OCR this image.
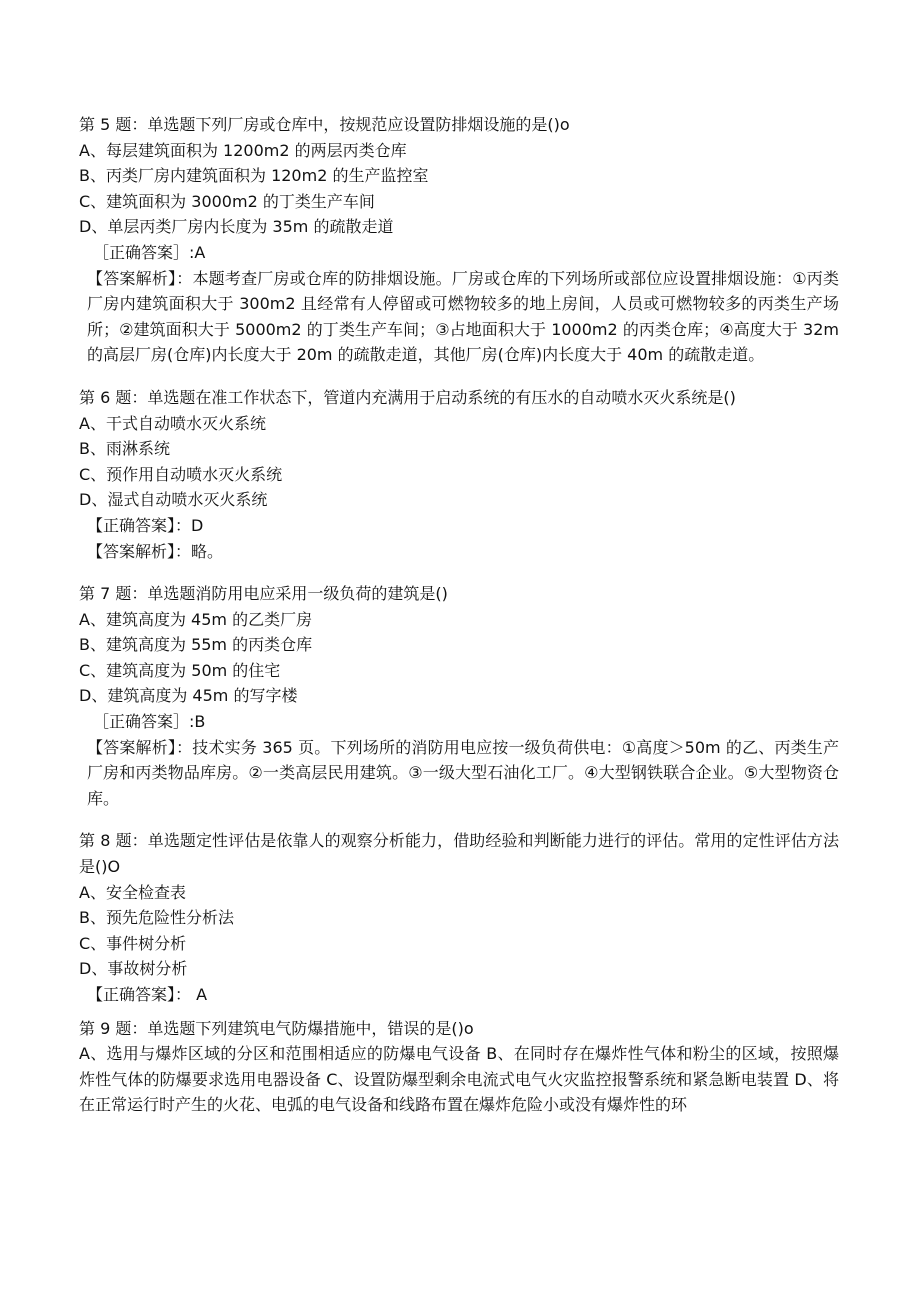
第 5 题：单选题下列厂房或仓库中，按规范应设置防排烟设施的是()o
A、每层建筑面积为 1200m2 的两层丙类仓库
B、丙类厂房内建筑面积为 120m2 的生产监控室
C、建筑面积为 3000m2 的丁类生产车间
D、单层丙类厂房内长度为 35m 的疏散走道
［正确答案］:A
【答案解析】：本题考查厂房或仓库的防排烟设施。厂房或仓库的下列场所或部位应设置排烟设施：①丙类厂房内建筑面积大于 300m2 且经常有人停留或可燃物较多的地上房间，人员或可燃物较多的丙类生产场所；②建筑面积大于 5000m2 的丁类生产车间；③占地面积大于 1000m2 的丙类仓库；④高度大于 32m 的高层厂房(仓库)内长度大于 20m 的疏散走道，其他厂房(仓库)内长度大于 40m 的疏散走道。
第 6 题：单选题在准工作状态下，管道内充满用于启动系统的有压水的自动喷水灭火系统是()
A、干式自动喷水灭火系统
B、雨淋系统
C、预作用自动喷水灭火系统
D、湿式自动喷水灭火系统
【正确答案】：D
【答案解析】：略。
第 7 题：单选题消防用电应采用一级负荷的建筑是()
A、建筑高度为 45m 的乙类厂房
B、建筑高度为 55m 的丙类仓库
C、建筑高度为 50m 的住宅
D、建筑高度为 45m 的写字楼
［正确答案］:B
【答案解析】：技术实务 365 页。下列场所的消防用电应按一级负荷供电：①高度＞50m 的乙、丙类生产厂房和丙类物品库房。②一类高层民用建筑。③一级大型石油化工厂。④大型钢铁联合企业。⑤大型物资仓库。
第 8 题：单选题定性评估是依靠人的观察分析能力，借助经验和判断能力进行的评估。常用的定性评估方法是()O
A、安全检查表
B、预先危险性分析法
C、事件树分析
D、事故树分析
【正确答案】： A
第 9 题：单选题下列建筑电气防爆措施中，错误的是()o
A、选用与爆炸区域的分区和范围相适应的防爆电气设备 B、在同时存在爆炸性气体和粉尘的区域，按照爆炸性气体的防爆要求选用电器设备 C、设置防爆型剩余电流式电气火灾监控报警系统和紧急断电装置 D、将在正常运行时产生的火花、电弧的电气设备和线路布置在爆炸危险小或没有爆炸性的环
